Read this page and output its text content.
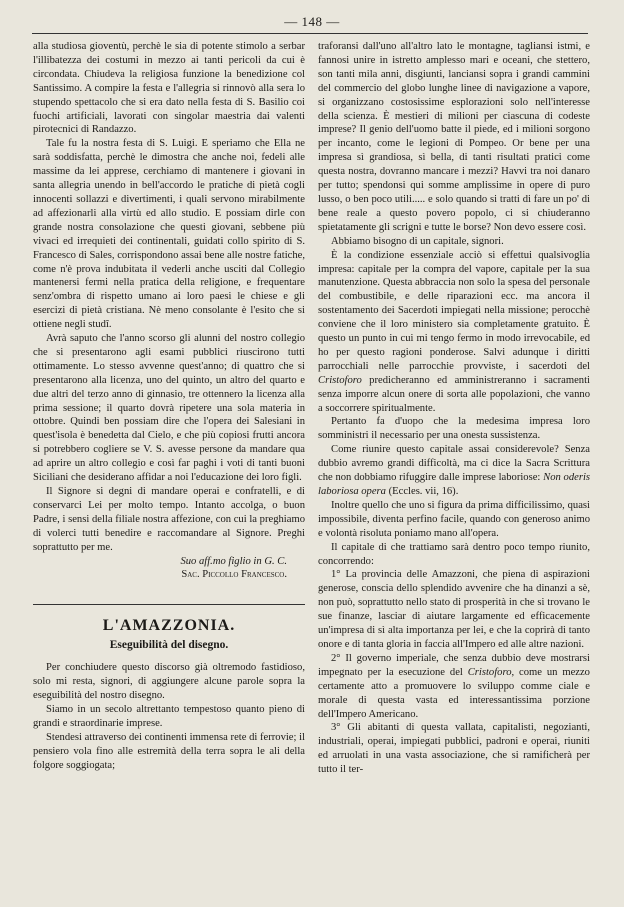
— 148 —

alla studiosa gioventù, perchè le sia di potente stimolo a serbar l'illibatezza dei costumi in mezzo ai tanti pericoli da cui è circondata. Chiudeva la religiosa funzione la benedizione col Santissimo. A compire la festa e l'allegria si rinnovò alla sera lo stupendo spettacolo che si era dato nella festa di S. Basilio coi fuochi artificiali, lavorati con singolar maestria dai valenti pirotecnici di Randazzo.

Tale fu la nostra festa di S. Luigi. E speriamo che Ella ne sarà soddisfatta, perchè le dimostra che anche noi, fedeli alle massime da lei apprese, cerchiamo di mantenere i giovani in santa allegria unendo in bell'accordo le pratiche di pietà cogli innocenti sollazzi e divertimenti, i quali servono mirabilmente ad affezionarli alla virtù ed allo studio. E possiam dirle con grande nostra consolazione che questi giovani, sebbene più vivaci ed irrequieti dei continentali, guidati collo spirito di S. Francesco di Sales, corrispondono assai bene alle nostre fatiche, come n'è prova indubitata il vederli anche usciti dal Collegio mantenersi fermi nella pratica della religione, e frequentare senz'ombra di rispetto umano ai loro paesi le chiese e gli esercizi di pietà cristiana. Nè meno consolante è l'esito che si ottiene negli studî.

Avrà saputo che l'anno scorso gli alunni del nostro collegio che si presentarono agli esami pubblici riuscirono tutti ottimamente. Lo stesso avvenne quest'anno; di quattro che si presentarono alla licenza, uno del quinto, un altro del quarto e due altri del terzo anno di ginnasio, tre ottennero la licenza alla prima sessione; il quarto dovrà ripetere una sola materia in ottobre. Quindi ben possiam dire che l'opera dei Salesiani in quest'isola è benedetta dal Cielo, e che più copiosi frutti ancora si potrebbero cogliere se V. S. avesse persone da mandare qua ad aprire un altro collegio e così far paghi i voti di tanti buoni Siciliani che desiderano affidar a noi l'educazione dei loro figli.

Il Signore si degni di mandare operai e confratelli, e di conservarci Lei per molto tempo. Intanto accolga, o buon Padre, i sensi della filiale nostra affezione, con cui la preghiamo di volerci tutti benedire e raccomandare al Signore. Preghi soprattutto per me.

Suo aff.mo figlio in G. C.

Sac. Piccollo Francesco.

L'AMAZZONIA.
Eseguibilità del disegno.

Per conchiudere questo discorso già oltremodo fastidioso, solo mi resta, signori, di aggiungere alcune parole sopra la eseguibilità del nostro disegno.

Siamo in un secolo altrettanto tempestoso quanto pieno di grandi e straordinarie imprese.

Stendesi attraverso dei continenti immensa rete di ferrovie; il pensiero vola fino alle estremità della terra sopra le ali della folgore soggiogata;

traforansi dall'uno all'altro lato le montagne, tagliansi istmi, e fannosi unire in istretto amplesso mari e oceani, che stettero, son tanti mila anni, disgiunti, lanciansi sopra i grandi cammini del commercio del globo lunghe linee di navigazione a vapore, si organizzano costosissime esplorazioni solo nell'interesse della scienza. È mestieri di milioni per ciascuna di codeste imprese? Il genio dell'uomo batte il piede, ed i milioni sorgono per incanto, come le legioni di Pompeo. Or bene per una impresa sì grandiosa, sì bella, di tanti risultati pratici come questa nostra, dovranno mancare i mezzi? Havvi tra noi danaro per tutto; spendonsi qui somme amplissime in opere di puro lusso, o ben poco utili..... e solo quando si tratti di fare un po' di bene reale a questo povero popolo, ci si chiuderanno spietatamente gli scrigni e tutte le borse? Non devo essere così.

Abbiamo bisogno di un capitale, signori.

È la condizione essenziale acciò si effettui qualsivoglia impresa: capitale per la compra del vapore, capitale per la sua manutenzione. Questa abbraccia non solo la spesa del personale del combustibile, e delle riparazioni ecc. ma ancora il sostentamento dei Sacerdoti impiegati nella missione; perocchè conviene che il loro ministero sia completamente gratuito. È questo un punto in cui mi tengo fermo in modo irrevocabile, ed ho per questo ragioni ponderose. Salvi adunque i diritti parrocchiali nelle parrocchie provviste, i sacerdoti del Cristoforo predicheranno ed amministreranno i sacramenti senza imporre alcun onere di sorta alle popolazioni, che vanno a soccorrere spiritualmente.

Pertanto fa d'uopo che la medesima impresa loro somministri il necessario per una onesta sussistenza.

Come riunire questo capitale assai considerevole? Senza dubbio avremo grandi difficoltà, ma ci dice la Sacra Scrittura che non dobbiamo rifuggire dalle imprese laboriose: Non oderis laboriosa opera (Eccles. vii, 16).

Inoltre quello che uno si figura da prima difficilissimo, quasi impossibile, diventa perfino facile, quando con generoso animo e volontà risoluta poniamo mano all'opera.

Il capitale di che trattiamo sarà dentro poco tempo riunito, concorrendo:

1° La provincia delle Amazzoni, che piena di aspirazioni generose, conscia dello splendido avvenire che ha dinanzi a sè, non può, soprattutto nello stato di prosperità in che si trovano le sue finanze, lasciar di aiutare largamente ed efficacemente un'impresa di sì alta importanza per lei, e che la coprirà di tanto onore e di tanta gloria in faccia all'Impero ed alle altre nazioni.

2° Il governo imperiale, che senza dubbio deve mostrarsi impegnato per la esecuzione del Cristoforo, come un mezzo certamente atto a promuovere lo sviluppo comme ciale e morale di questa vasta ed interessantissima porzione dell'Impero Americano.

3° Gli abitanti di questa vallata, capitalisti, negozianti, industriali, operai, impiegati pubblici, padroni e operai, riuniti ed arruolati in una vasta associazione, che si ramificherà per tutto il ter-
